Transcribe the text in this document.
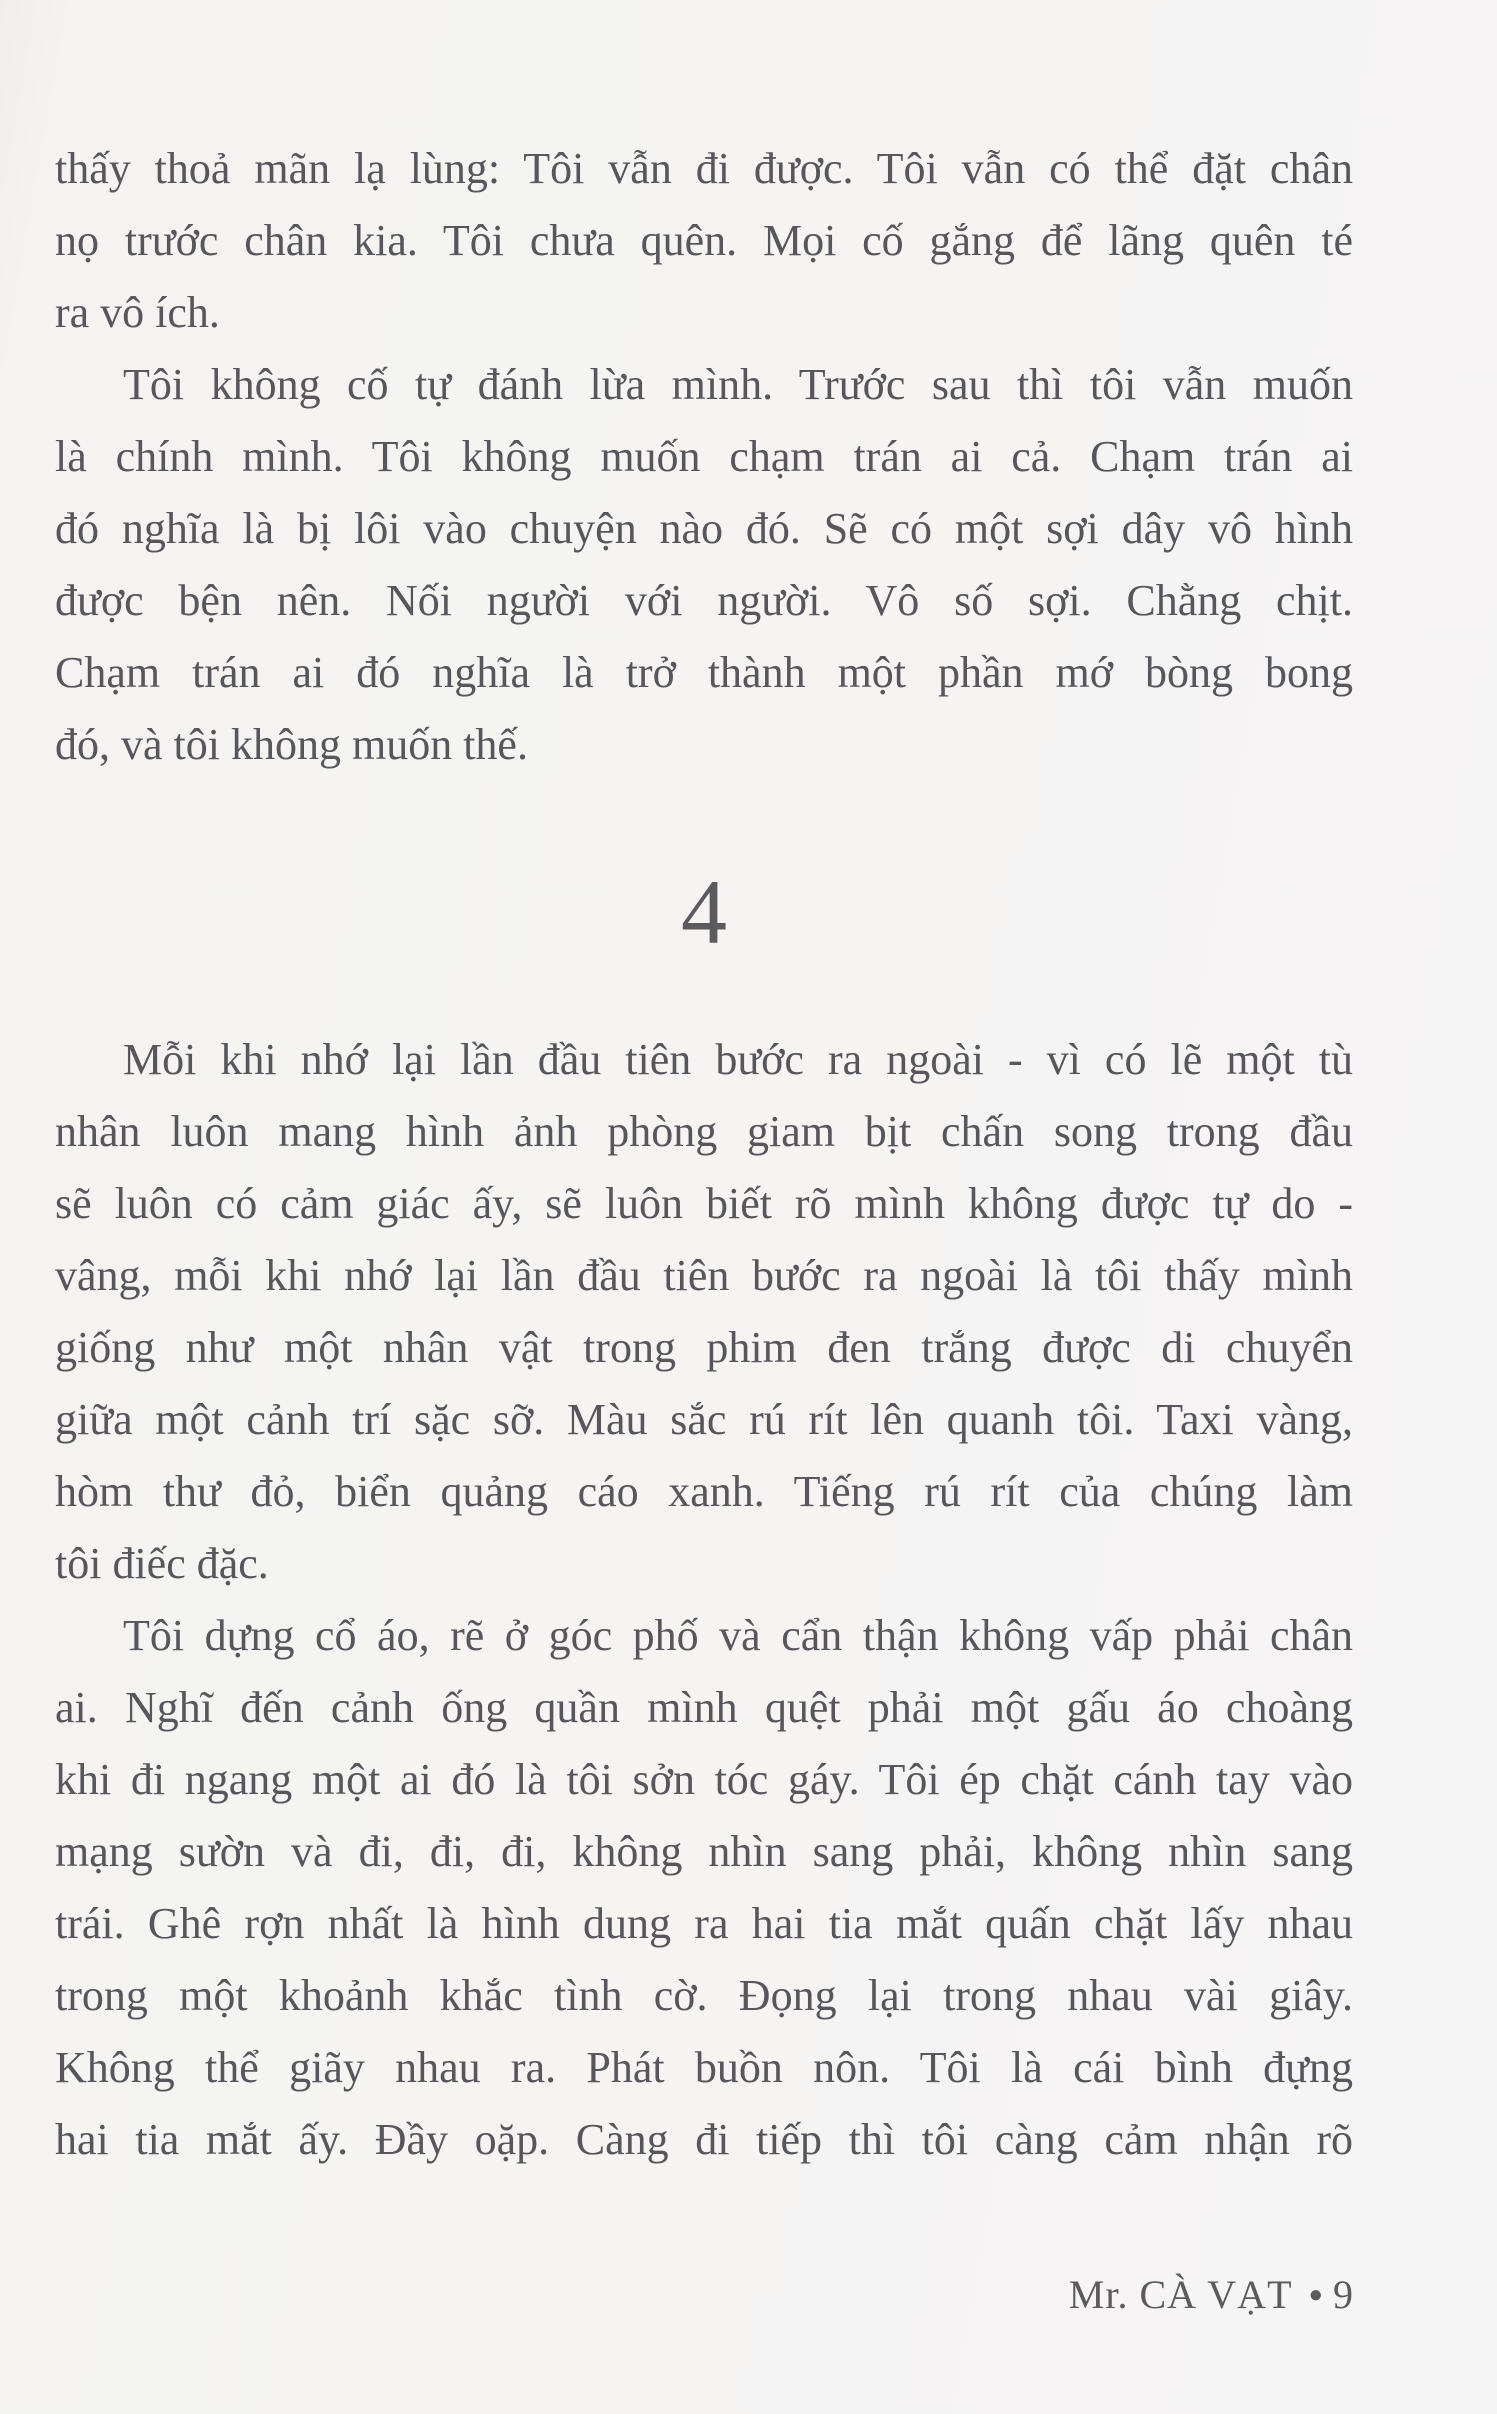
thấy thoả mãn lạ lùng: Tôi vẫn đi được. Tôi vẫn có thể đặt chân
nọ trước chân kia. Tôi chưa quên. Mọi cố gắng để lãng quên té
ra vô ích.
Tôi không cố tự đánh lừa mình. Trước sau thì tôi vẫn muốn
là chính mình. Tôi không muốn chạm trán ai cả. Chạm trán ai
đó nghĩa là bị lôi vào chuyện nào đó. Sẽ có một sợi dây vô hình
được bện nên. Nối người với người. Vô số sợi. Chằng chịt.
Chạm trán ai đó nghĩa là trở thành một phần mớ bòng bong
đó, và tôi không muốn thế.
4
Mỗi khi nhớ lại lần đầu tiên bước ra ngoài - vì có lẽ một tù
nhân luôn mang hình ảnh phòng giam bịt chấn song trong đầu
sẽ luôn có cảm giác ấy, sẽ luôn biết rõ mình không được tự do -
vâng, mỗi khi nhớ lại lần đầu tiên bước ra ngoài là tôi thấy mình
giống như một nhân vật trong phim đen trắng được di chuyển
giữa một cảnh trí sặc sỡ. Màu sắc rú rít lên quanh tôi. Taxi vàng,
hòm thư đỏ, biển quảng cáo xanh. Tiếng rú rít của chúng làm
tôi điếc đặc.
Tôi dựng cổ áo, rẽ ở góc phố và cẩn thận không vấp phải chân
ai. Nghĩ đến cảnh ống quần mình quệt phải một gấu áo choàng
khi đi ngang một ai đó là tôi sởn tóc gáy. Tôi ép chặt cánh tay vào
mạng sườn và đi, đi, đi, không nhìn sang phải, không nhìn sang
trái. Ghê rợn nhất là hình dung ra hai tia mắt quấn chặt lấy nhau
trong một khoảnh khắc tình cờ. Đọng lại trong nhau vài giây.
Không thể giãy nhau ra. Phát buồn nôn. Tôi là cái bình đựng
hai tia mắt ấy. Đầy oặp. Càng đi tiếp thì tôi càng cảm nhận rõ
Mr. CÀ VẠT ● 9
